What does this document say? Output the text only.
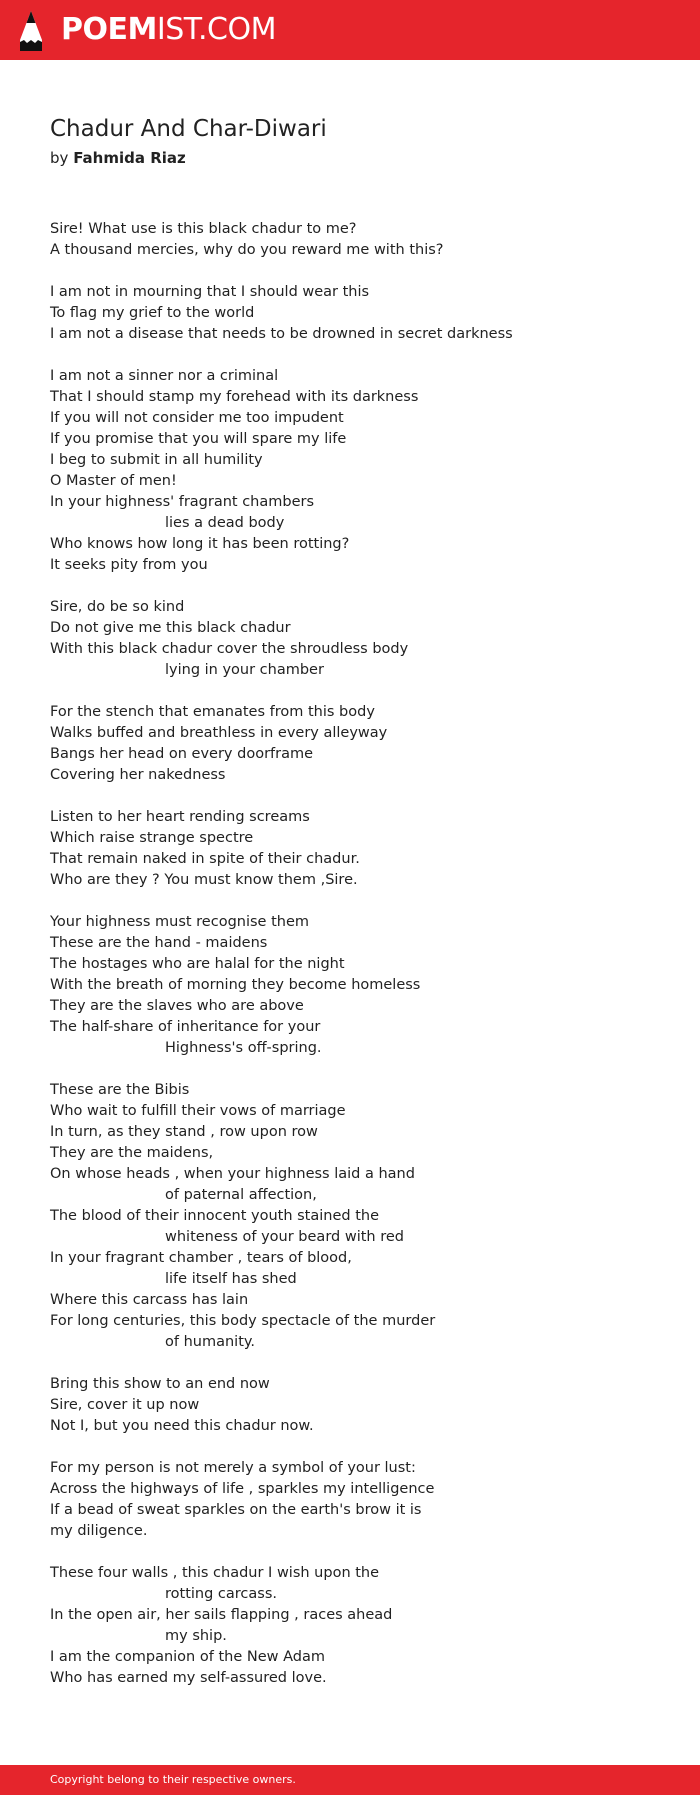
POEMIST.COM
Chadur And Char-Diwari
by Fahmida Riaz
Sire! What use is this black chadur to me?
A thousand mercies, why do you reward me with this?
I am not in mourning that I should wear this
To flag my grief to the world
I am not a disease that needs to be drowned in secret darkness
I am not a sinner nor a criminal
That I should stamp my forehead with its darkness
If you will not consider me too impudent
If you promise that you will spare my life
I beg to submit in all humility
O Master of men!
In your highness' fragrant chambers
lies a dead body
Who knows how long it has been rotting?
It seeks pity from you
Sire, do be so kind
Do not give me this black chadur
With this black chadur cover the shroudless body
lying in your chamber
For the stench that emanates from this body
Walks buffed and breathless in every alleyway
Bangs her head on every doorframe
Covering her nakedness
Listen to her heart rending screams
Which raise strange spectre
That remain naked in spite of their chadur.
Who are they ? You must know them ,Sire.
Your highness must recognise them
These are the hand - maidens
The hostages who are halal for the night
With the breath of morning they become homeless
They are the slaves who are above
The half-share of inheritance for your
Highness's off-spring.
These are the Bibis
Who wait to fulfill their vows of marriage
In turn, as they stand , row upon row
They are the maidens,
On whose heads , when your highness laid a hand
of paternal affection,
The blood of their innocent youth stained the
whiteness of your beard with red
In your fragrant chamber , tears of blood,
life itself has shed
Where this carcass has lain
For long centuries, this body spectacle of the murder
of humanity.
Bring this show to an end now
Sire, cover it up now
Not I, but you need this chadur now.
For my person is not merely a symbol of your lust:
Across the highways of life , sparkles my intelligence
If a bead of sweat sparkles on the earth's brow it is
my diligence.
These four walls , this chadur I wish upon the
rotting carcass.
In the open air, her sails flapping , races ahead
my ship.
I am the companion of the New Adam
Who has earned my self-assured love.
Copyright belong to their respective owners.
